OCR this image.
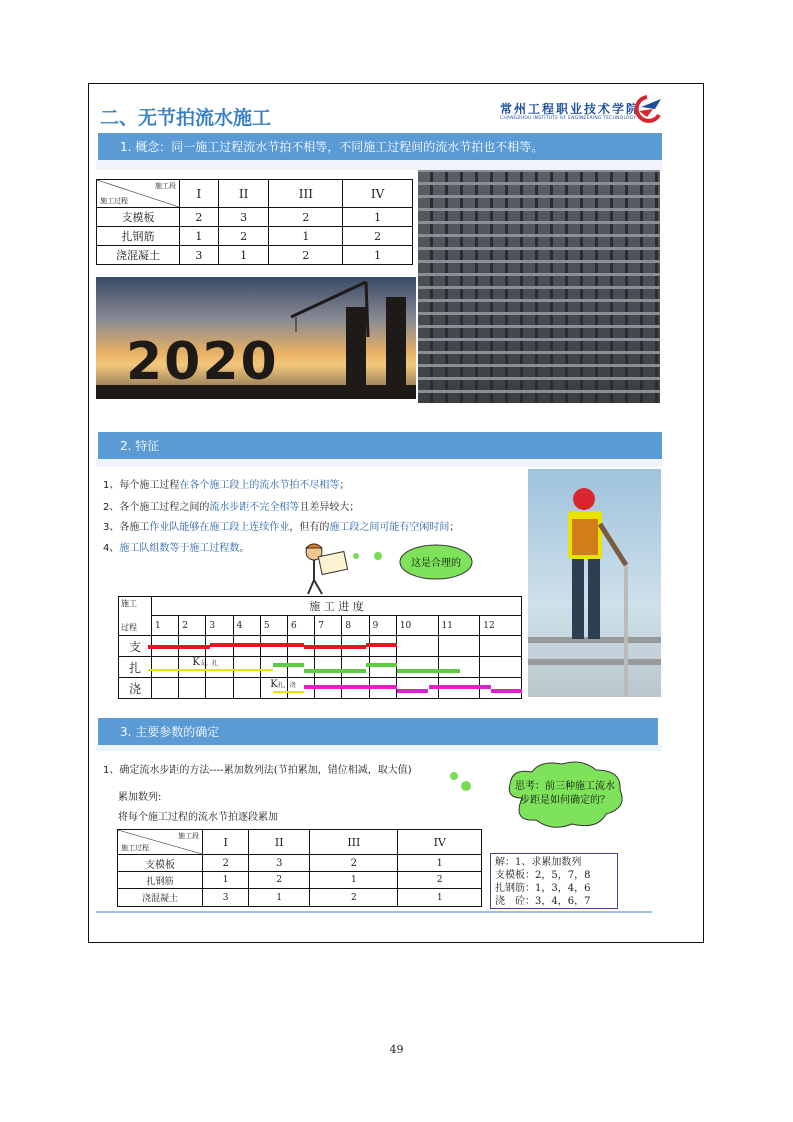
二、无节拍流水施工	常州工程职业技术学院
CHANGZHOU INSTITUTE OF ENGINEERING TECHNOLOGY
1. 概念：同一施工过程流水节拍不相等，不同施工过程间的流水节拍也不相等。
施工段
施工过程	I	II	III	IV
支模板	2	3	2	1
扎钢筋	1	2	1	2
浇混凝土	3	1	2	1
2020
2. 特征
1、每个施工过程在各个施工段上的流水节拍不尽相等；
2、各个施工过程之间的流水步距不完全相等且差异较大；
3、各施工作业队能够在施工段上连续作业，但有的施工段之间可能有空闲时间；
4、施工队组数等于施工过程数。
这是合理的
施工
过程	施 工 进 度											
	1	2	3	4	5	6	7	8	9	10	11	12
支												
扎												
浇												
K支，扎
K扎，浇
3. 主要参数的确定
1、确定流水步距的方法----累加数列法(节拍累加，错位相减，取大值)
累加数列:
将每个施工过程的流水节拍逐段累加
思考：前三种施工流水步距是如何确定的？
施工段
施工过程	I	II	III	IV
支模板	2	3	2	1
扎钢筋	1	2	1	2
浇混凝土	3	1	2	1
解：1、求累加数列
支模板：2，5，7，8
扎钢筋：1，3，4，6
浇　砼：3，4，6，7
49
